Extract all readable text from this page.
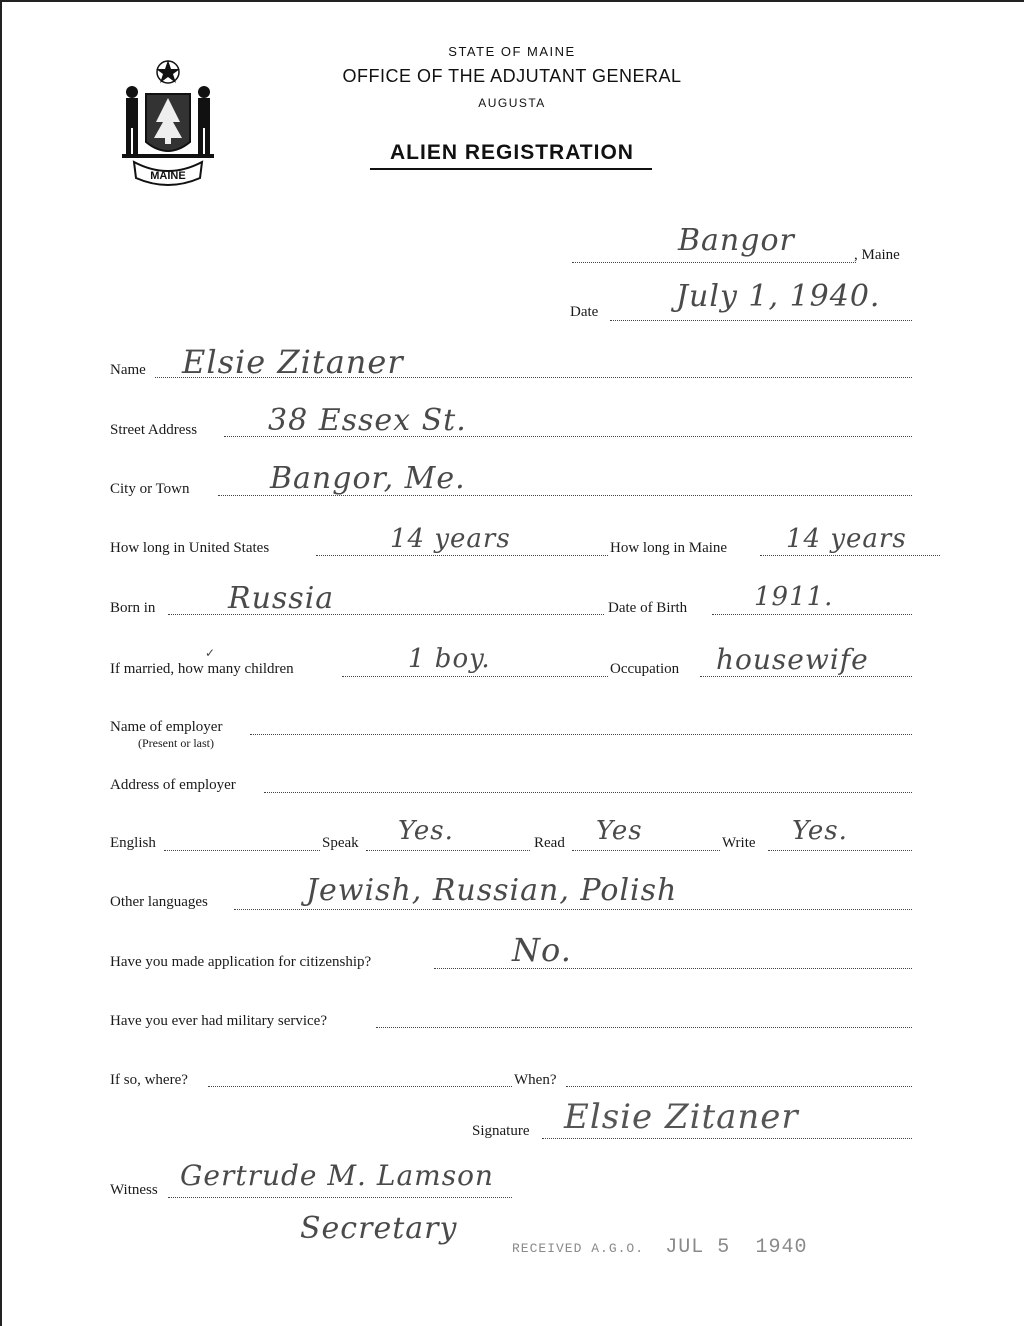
MAINE
STATE OF MAINE
OFFICE OF THE ADJUTANT GENERAL
AUGUSTA
ALIEN REGISTRATION
Bangor	, Maine
Date	July 1, 1940.
Name Elsie Zitaner
Street Address 38 Essex St.
City or Town	Bangor, Me.
How long in United States	14 years	How long in Maine 14 years
Born in Russia	Date of Birth	1911.
✓
If married, how many children	1 boy.	Occupation housewife
Name of employer
(Present or last)
Address of employer
English	Speak Yes.	Read Yes	Write Yes.
Other languages	Jewish, Russian, Polish
Have you made application for citizenship?	No.
Have you ever had military service?
If so, where?	When?
Signature Elsie Zitaner
Witness Gertrude M. Lamson
Secretary
RECEIVED A.G.O. JUL 5 1940
